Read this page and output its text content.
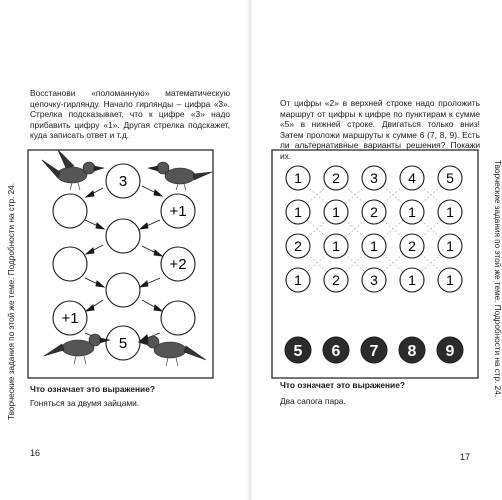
Восстанови «поломанную» математическую цепочку-гирлянду. Начало гирлянды – цифра «3». Стрелка подсказывает, что к цифре «3» надо прибавить цифру «1». Другая стрелка подскажет, куда записать ответ и т.д.
Творческие задания по этой же теме. Подробности на стр. 24.
3
+1
+2
+1
5
Что означает это выражение?
Гоняться за двумя зайцами.
16
От цифры «2» в верхней строке надо проложить маршрут от цифры к цифре по пунктирам к сумме «5» в нижней строке. Двигаться только вниз! Затем проложи маршруты к сумме 6 (7, 8, 9). Есть ли альтернативные варианты решения? Покажи их.
1 2 3 4 5
1 1 2 1 1
2 1 1 2 1
1 2 3 1 1
5 6 7 8 9
Что означает это выражение?
Два сапога пара.
17
Творческие задания по этой же теме. Подробности на стр. 24.
